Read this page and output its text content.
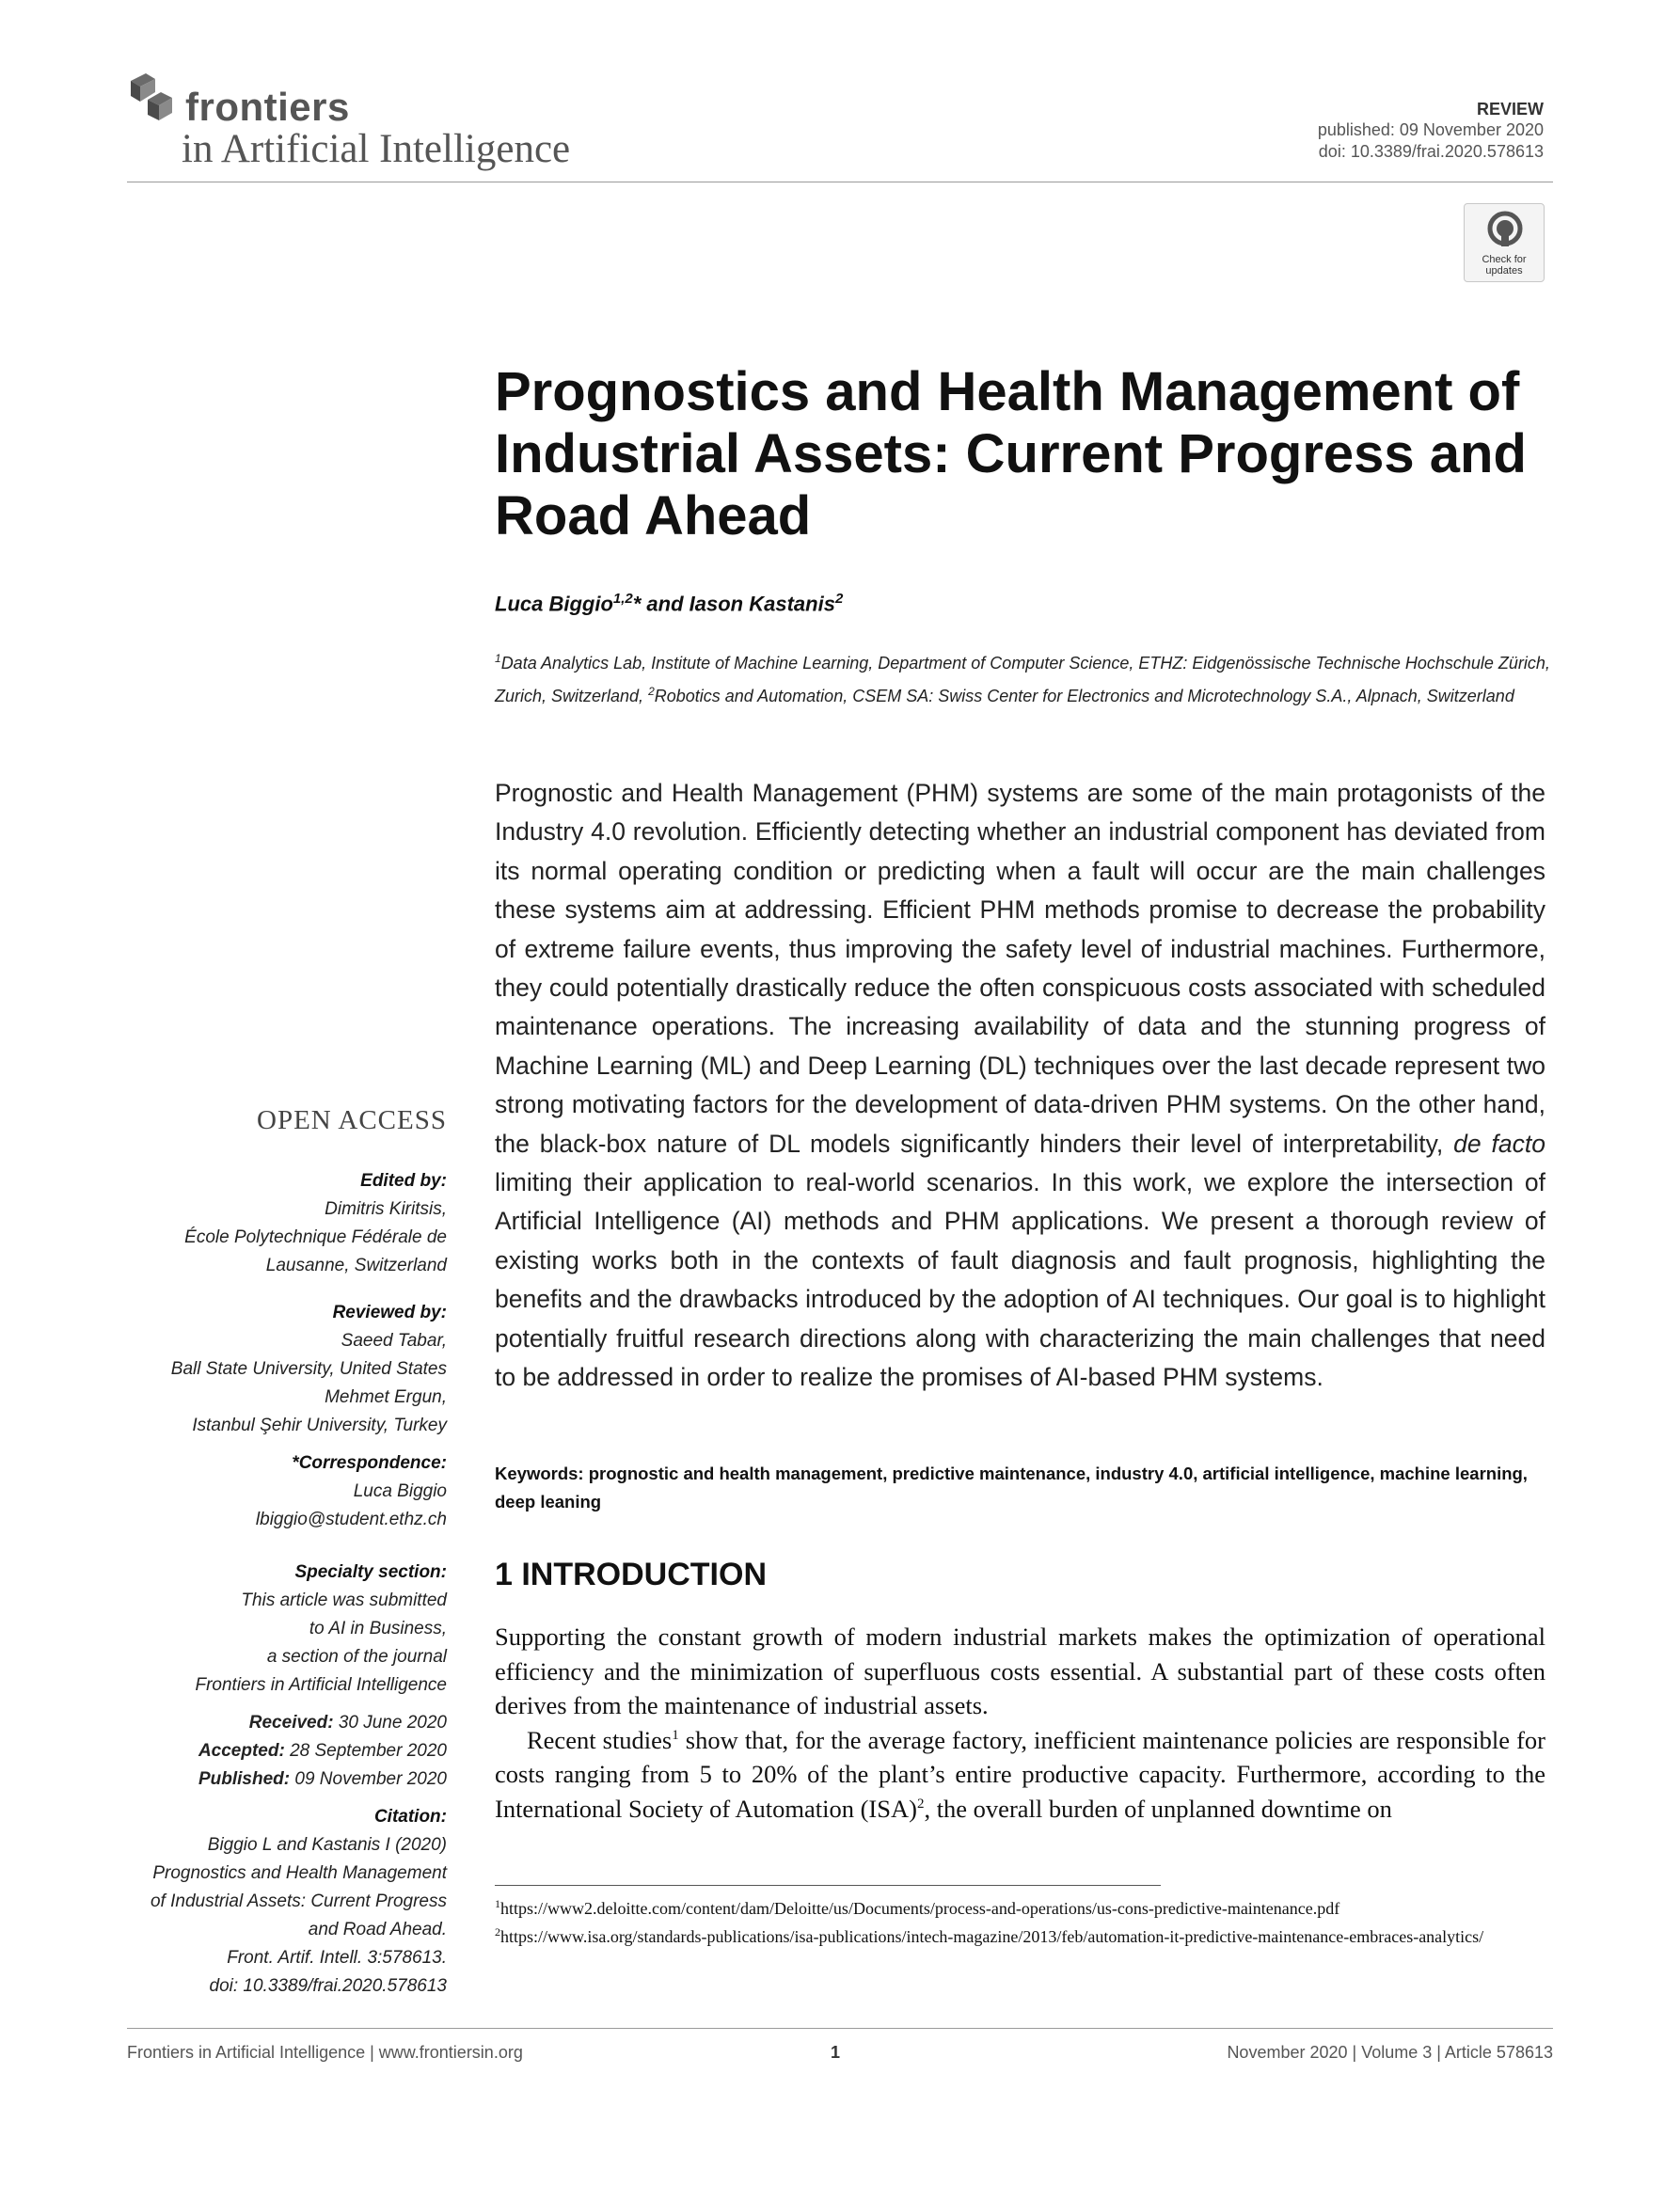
frontiers
in Artificial Intelligence
REVIEW
published: 09 November 2020
doi: 10.3389/frai.2020.578613
Check for
updates
Prognostics and Health Management of Industrial Assets: Current Progress and Road Ahead
Luca Biggio$^{1,2}$* and Iason Kastanis$^2$
$^1$Data Analytics Lab, Institute of Machine Learning, Department of Computer Science, ETHZ: Eidgenössische Technische Hochschule Zürich, Zurich, Switzerland, $^2$Robotics and Automation, CSEM SA: Swiss Center for Electronics and Microtechnology S.A., Alpnach, Switzerland

Prognostic and Health Management (PHM) systems are some of the main protagonists of the Industry 4.0 revolution. Efficiently detecting whether an industrial component has deviated from its normal operating condition or predicting when a fault will occur are the main challenges these systems aim at addressing. Efficient PHM methods promise to decrease the probability of extreme failure events, thus improving the safety level of industrial machines. Furthermore, they could potentially drastically reduce the often conspicuous costs associated with scheduled maintenance operations. The increasing availability of data and the stunning progress of Machine Learning (ML) and Deep Learning (DL) techniques over the last decade represent two strong motivating factors for the development of data-driven PHM systems. On the other hand, the black-box nature of DL models significantly hinders their level of interpretability, de facto limiting their application to real-world scenarios. In this work, we explore the intersection of Artificial Intelligence (AI) methods and PHM applications. We present a thorough review of existing works both in the contexts of fault diagnosis and fault prognosis, highlighting the benefits and the drawbacks introduced by the adoption of AI techniques. Our goal is to highlight potentially fruitful research directions along with characterizing the main challenges that need to be addressed in order to realize the promises of AI-based PHM systems.

Keywords: prognostic and health management, predictive maintenance, industry 4.0, artificial intelligence, machine learning, deep leaning
1 INTRODUCTION

Supporting the constant growth of modern industrial markets makes the optimization of operational efficiency and the minimization of superfluous costs essential. A substantial part of these costs often derives from the maintenance of industrial assets.

Recent studies$^1$ show that, for the average factory, inefficient maintenance policies are responsible for costs ranging from 5 to 20% of the plant’s entire productive capacity. Furthermore, according to the International Society of Automation (ISA)$^2$, the overall burden of unplanned downtime on

$^1$https://www2.deloitte.com/content/dam/Deloitte/us/Documents/process-and-operations/us-cons-predictive-maintenance.pdf

$^2$https://www.isa.org/standards-publications/isa-publications/intech-magazine/2013/feb/automation-it-predictive-maintenance-embraces-analytics/

OPEN ACCESS
Edited by:
Dimitris Kiritsis,
École Polytechnique Fédérale de
Lausanne, Switzerland
Reviewed by:
Saeed Tabar,
Ball State University, United States
Mehmet Ergun,
Istanbul Şehir University, Turkey
*Correspondence:
Luca Biggio
lbiggio@student.ethz.ch
Specialty section:
This article was submitted
to AI in Business,
a section of the journal
Frontiers in Artificial Intelligence
Received: 30 June 2020
Accepted: 28 September 2020
Published: 09 November 2020
Citation:
Biggio L and Kastanis I (2020)
Prognostics and Health Management
of Industrial Assets: Current Progress
and Road Ahead.
Front. Artif. Intell. 3:578613.
doi: 10.3389/frai.2020.578613
Frontiers in Artificial Intelligence | www.frontiersin.org	1	November 2020 | Volume 3 | Article 578613
